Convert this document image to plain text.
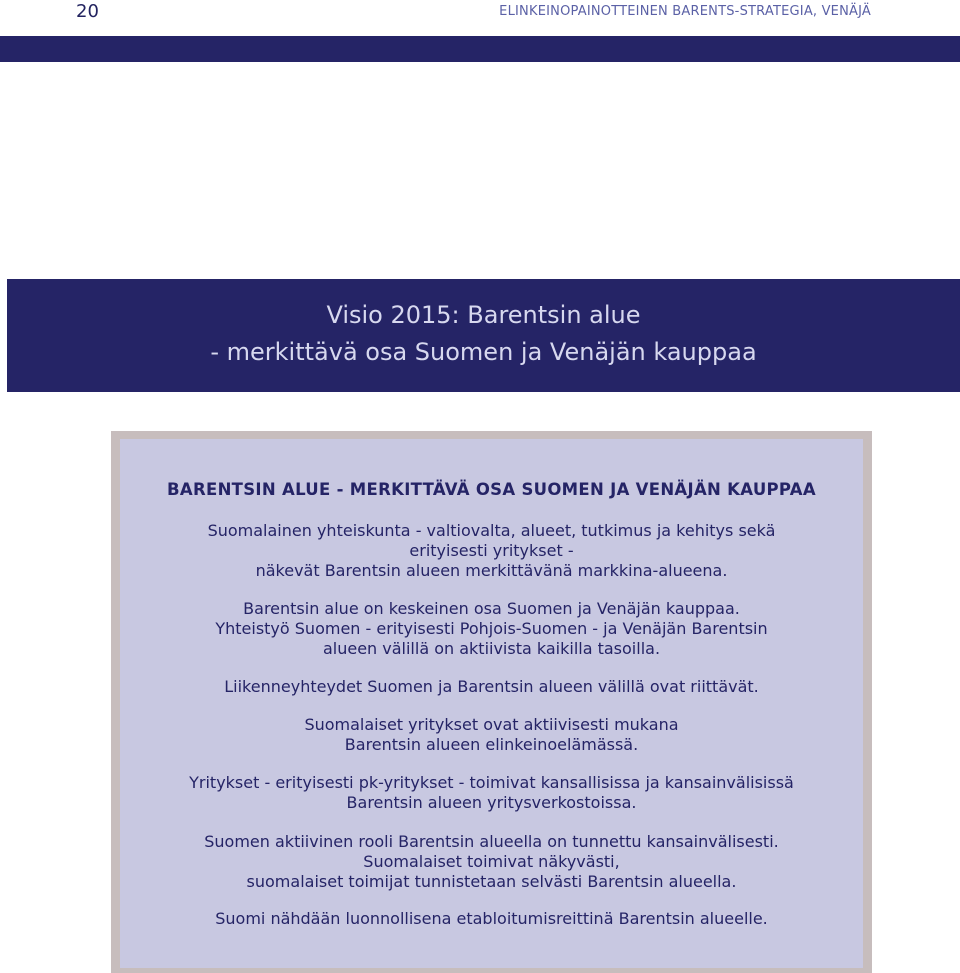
20	ELINKEINOPAINOTTEINEN BARENTS-STRATEGIA, VENÄJÄ
Visio 2015: Barentsin alue
- merkittävä osa Suomen ja Venäjän kauppaa
BARENTSIN ALUE - MERKITTÄVÄ OSA SUOMEN JA VENÄJÄN KAUPPAA
Suomalainen yhteiskunta - valtiovalta, alueet, tutkimus ja kehitys sekä
erityisesti yritykset -
näkevät Barentsin alueen merkittävänä markkina-alueena.
Barentsin alue on keskeinen osa Suomen ja Venäjän kauppaa.
Yhteistyö Suomen - erityisesti Pohjois-Suomen - ja Venäjän Barentsin
alueen välillä on aktiivista kaikilla tasoilla.
Liikenneyhteydet Suomen ja Barentsin alueen välillä ovat riittävät.
Suomalaiset yritykset ovat aktiivisesti mukana
Barentsin alueen elinkeinoelämässä.
Yritykset - erityisesti pk-yritykset - toimivat kansallisissa ja kansainvälisissä
Barentsin alueen yritysverkostoissa.
Suomen aktiivinen rooli Barentsin alueella on tunnettu kansainvälisesti.
Suomalaiset toimivat näkyvästi,
suomalaiset toimijat tunnistetaan selvästi Barentsin alueella.
Suomi nähdään luonnollisena etabloitumisreittinä Barentsin alueelle.
